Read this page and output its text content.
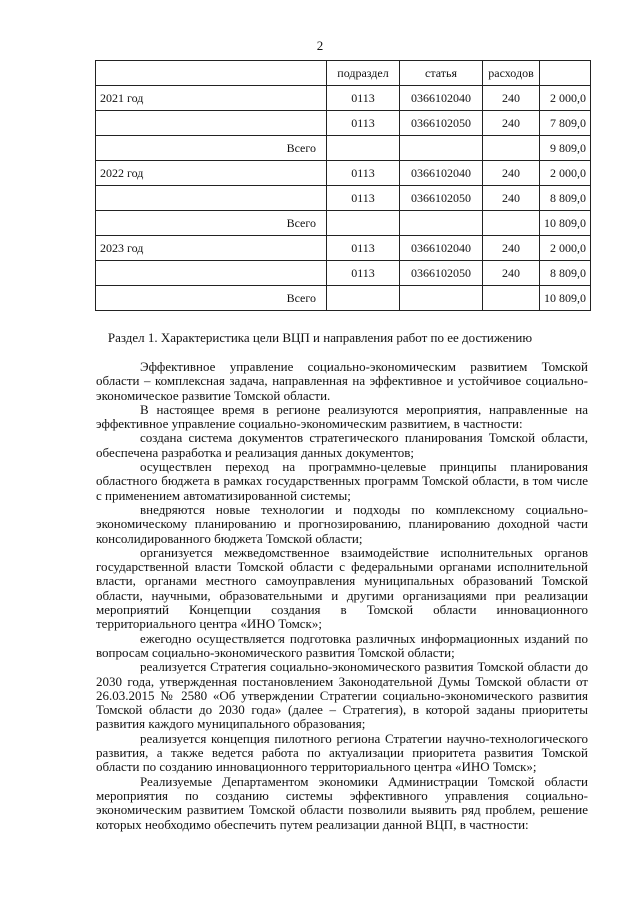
2
	подраздел	статья	расходов	
2021 год	0113	0366102040	240	2 000,0
	0113	0366102050	240	7 809,0
Всего				9 809,0
2022 год	0113	0366102040	240	2 000,0
	0113	0366102050	240	8 809,0
Всего				10 809,0
2023 год	0113	0366102040	240	2 000,0
	0113	0366102050	240	8 809,0
Всего				10 809,0
Раздел 1. Характеристика цели ВЦП и направления работ по ее достижению

Эффективное управление социально-экономическим развитием Томской области – комплексная задача, направленная на эффективное и устойчивое социально-экономическое развитие Томской области.

В настоящее время в регионе реализуются мероприятия, направленные на эффективное управление социально-экономическим развитием, в частности:

создана система документов стратегического планирования Томской области, обеспечена разработка и реализация данных документов;

осуществлен переход на программно-целевые принципы планирования областного бюджета в рамках государственных программ Томской области, в том числе с применением автоматизированной системы;

внедряются новые технологии и подходы по комплексному социально-экономическому планированию и прогнозированию, планированию доходной части консолидированного бюджета Томской области;

организуется межведомственное взаимодействие исполнительных органов государственной власти Томской области с федеральными органами исполнительной власти, органами местного самоуправления муниципальных образований Томской области, научными, образовательными и другими организациями при реализации мероприятий Концепции создания в Томской области инновационного территориального центра «ИНО Томск»;

ежегодно осуществляется подготовка различных информационных изданий по вопросам социально-экономического развития Томской области;

реализуется Стратегия социально-экономического развития Томской области до 2030 года, утвержденная постановлением Законодательной Думы Томской области от 26.03.2015 № 2580 «Об утверждении Стратегии социально-экономического развития Томской области до 2030 года» (далее – Стратегия), в которой заданы приоритеты развития каждого муниципального образования;

реализуется концепция пилотного региона Стратегии научно-технологического развития, а также ведется работа по актуализации приоритета развития Томской области по созданию инновационного территориального центра «ИНО Томск»;

Реализуемые Департаментом экономики Администрации Томской области мероприятия по созданию системы эффективного управления социально-экономическим развитием Томской области позволили выявить ряд проблем, решение которых необходимо обеспечить путем реализации данной ВЦП, в частности:
